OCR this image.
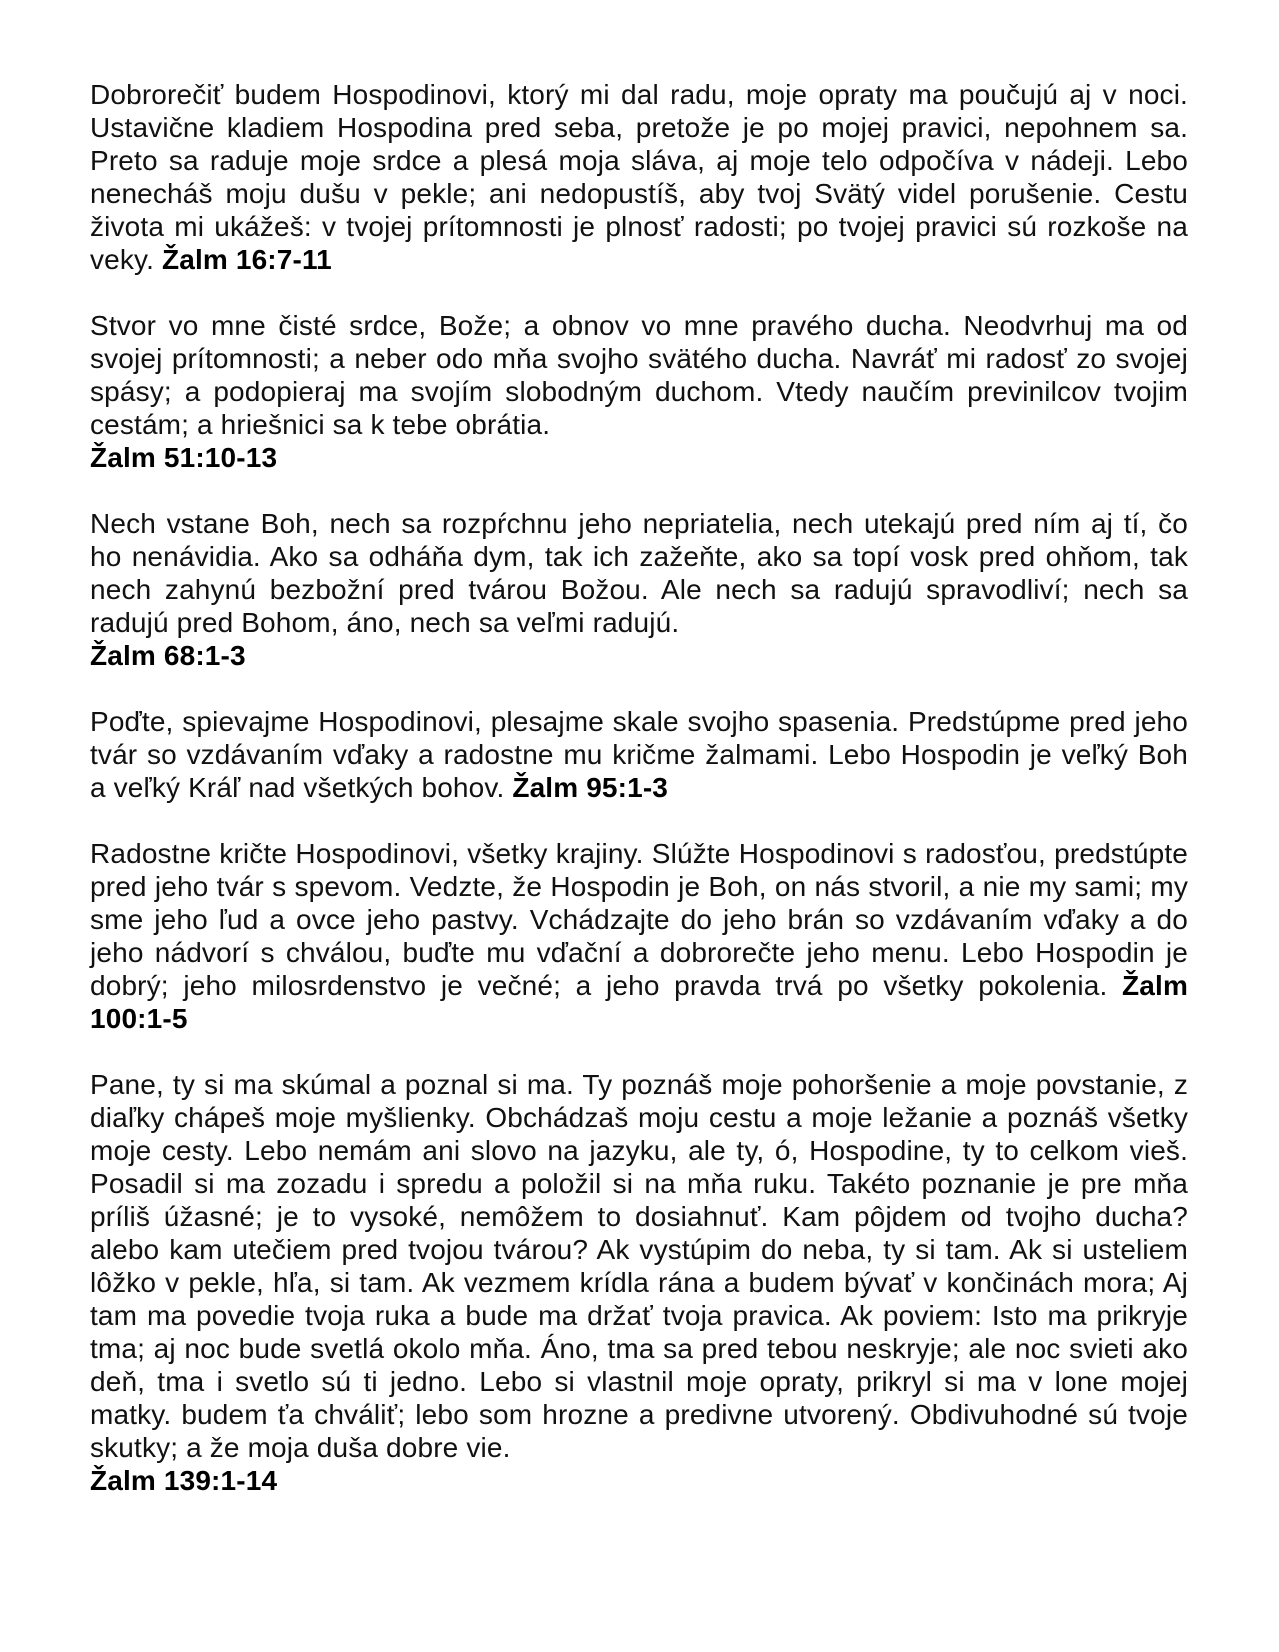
Dobrorečiť budem Hospodinovi, ktorý mi dal radu, moje opraty ma poučujú aj v noci. Ustavične kladiem Hospodina pred seba, pretože je po mojej pravici, nepohnem sa. Preto sa raduje moje srdce a plesá moja sláva, aj moje telo odpočíva v nádeji. Lebo nenecháš moju dušu v pekle; ani nedopustíš, aby tvoj Svätý videl porušenie. Cestu života mi ukážeš: v tvojej prítomnosti je plnosť radosti; po tvojej pravici sú rozkoše na veky. Žalm 16:7-11

Stvor vo mne čisté srdce, Bože; a obnov vo mne pravého ducha. Neodvrhuj ma od svojej prítomnosti; a neber odo mňa svojho svätého ducha. Navráť mi radosť zo svojej spásy; a podopieraj ma svojím slobodným duchom. Vtedy naučím previnilcov tvojim cestám; a hriešnici sa k tebe obrátia.
Žalm 51:10-13

Nech vstane Boh, nech sa rozpŕchnu jeho nepriatelia, nech utekajú pred ním aj tí, čo ho nenávidia. Ako sa odháňa dym, tak ich zažeňte, ako sa topí vosk pred ohňom, tak nech zahynú bezbožní pred tvárou Božou. Ale nech sa radujú spravodliví; nech sa radujú pred Bohom, áno, nech sa veľmi radujú.
Žalm 68:1-3

Poďte, spievajme Hospodinovi, plesajme skale svojho spasenia. Predstúpme pred jeho tvár so vzdávaním vďaky a radostne mu kričme žalmami. Lebo Hospodin je veľký Boh a veľký Kráľ nad všetkých bohov. Žalm 95:1-3

Radostne kričte Hospodinovi, všetky krajiny. Slúžte Hospodinovi s radosťou, predstúpte pred jeho tvár s spevom. Vedzte, že Hospodin je Boh, on nás stvoril, a nie my sami; my sme jeho ľud a ovce jeho pastvy. Vchádzajte do jeho brán so vzdávaním vďaky a do jeho nádvorí s chválou, buďte mu vďační a dobrorečte jeho menu. Lebo Hospodin je dobrý; jeho milosrdenstvo je večné; a jeho pravda trvá po všetky pokolenia. Žalm 100:1-5

Pane, ty si ma skúmal a poznal si ma. Ty poznáš moje pohoršenie a moje povstanie, z diaľky chápeš moje myšlienky. Obchádzaš moju cestu a moje ležanie a poznáš všetky moje cesty. Lebo nemám ani slovo na jazyku, ale ty, ó, Hospodine, ty to celkom vieš. Posadil si ma zozadu i spredu a položil si na mňa ruku. Takéto poznanie je pre mňa príliš úžasné; je to vysoké, nemôžem to dosiahnuť. Kam pôjdem od tvojho ducha? alebo kam utečiem pred tvojou tvárou? Ak vystúpim do neba, ty si tam. Ak si usteliem lôžko v pekle, hľa, si tam. Ak vezmem krídla rána a budem bývať v končinách mora; Aj tam ma povedie tvoja ruka a bude ma držať tvoja pravica. Ak poviem: Isto ma prikryje tma; aj noc bude svetlá okolo mňa. Áno, tma sa pred tebou neskryje; ale noc svieti ako deň, tma i svetlo sú ti jedno. Lebo si vlastnil moje opraty, prikryl si ma v lone mojej matky. budem ťa chváliť; lebo som hrozne a predivne utvorený. Obdivuhodné sú tvoje skutky; a že moja duša dobre vie.
Žalm 139:1-14
